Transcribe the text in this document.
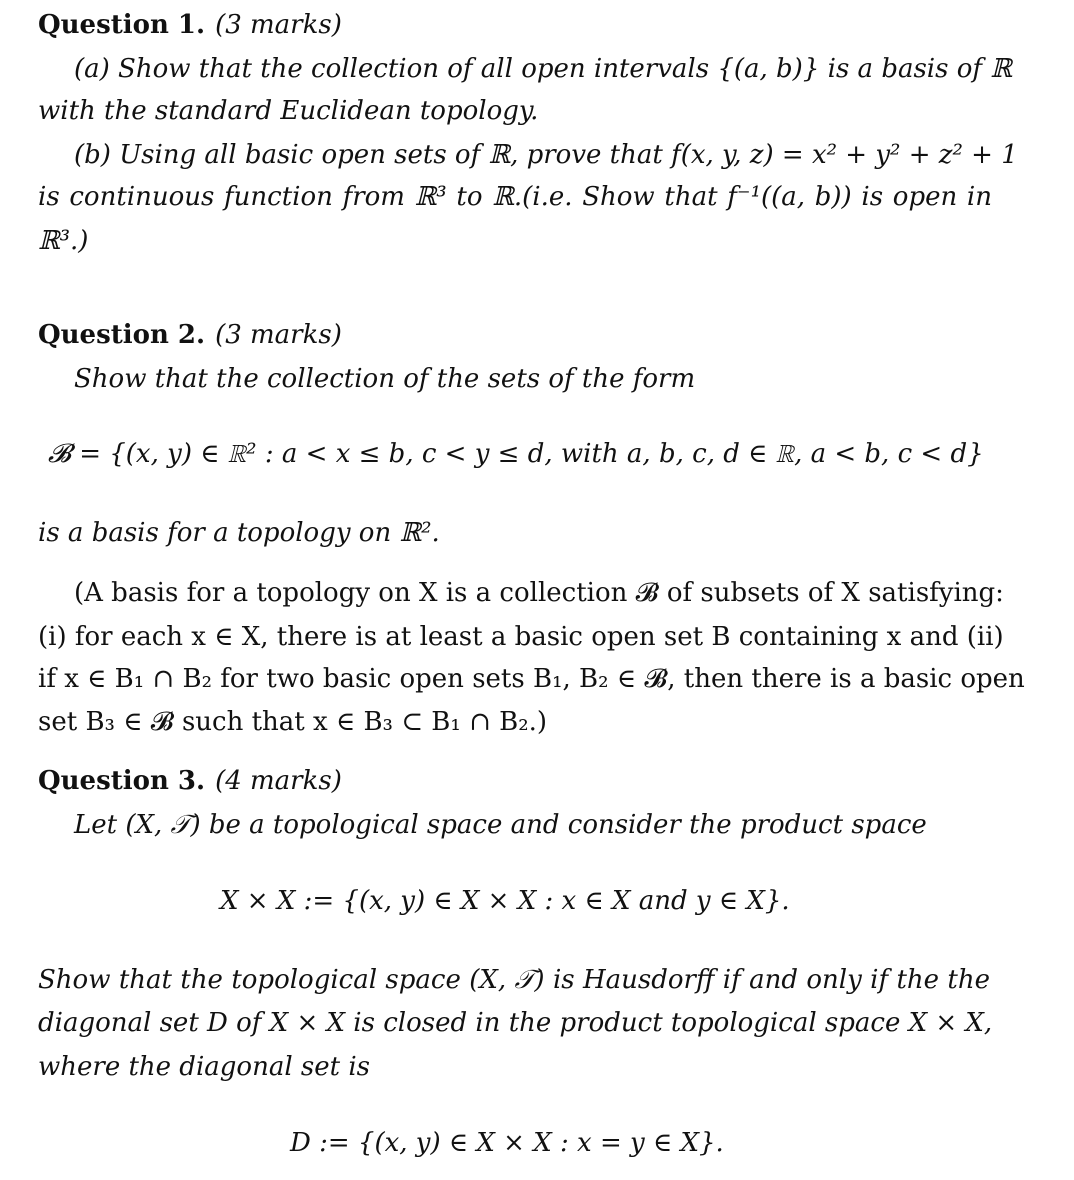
Question 1. (3 marks)
(a) Show that the collection of all open intervals {(a, b)} is a basis of ℝ
with the standard Euclidean topology.
(b) Using all basic open sets of ℝ, prove that f(x, y, z) = x² + y² + z² + 1
is continuous function from ℝ³ to ℝ.(i.e. Show that f⁻¹((a, b)) is open in
ℝ³.)
Question 2. (3 marks)
Show that the collection of the sets of the form
𝓑 = {(x, y) ∈ ℝ² : a < x ≤ b, c < y ≤ d, with a, b, c, d ∈ ℝ, a < b, c < d}
is a basis for a topology on ℝ².
(A basis for a topology on X is a collection 𝓑 of subsets of X satisfying:
(i) for each x ∈ X, there is at least a basic open set B containing x and (ii)
if x ∈ B₁ ∩ B₂ for two basic open sets B₁, B₂ ∈ 𝓑, then there is a basic open
set B₃ ∈ 𝓑 such that x ∈ B₃ ⊂ B₁ ∩ B₂.)
Question 3. (4 marks)
Let (X, 𝒯) be a topological space and consider the product space
X × X := {(x, y) ∈ X × X : x ∈ X and y ∈ X}.
Show that the topological space (X, 𝒯) is Hausdorff if and only if the the
diagonal set D of X × X is closed in the product topological space X × X,
where the diagonal set is
D := {(x, y) ∈ X × X : x = y ∈ X}.
